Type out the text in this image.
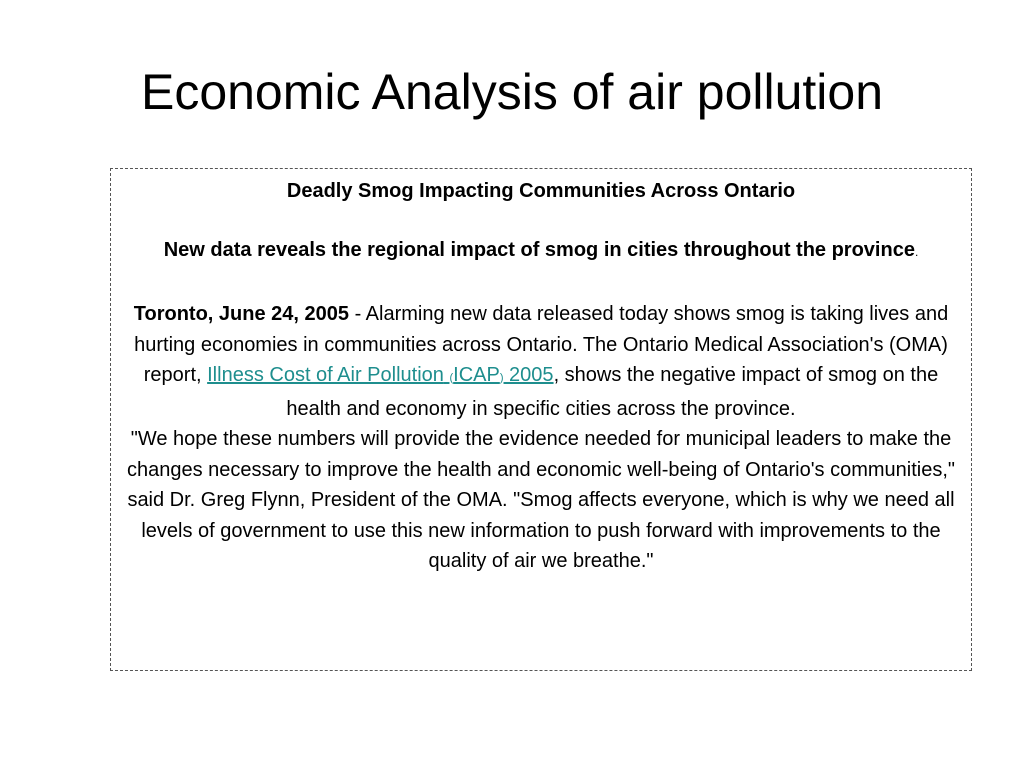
Economic Analysis of air pollution

Deadly Smog Impacting Communities Across Ontario

New data reveals the regional impact of smog in cities throughout the province.

Toronto, June 24, 2005 - Alarming new data released today shows smog is taking lives and hurting economies in communities across Ontario. The Ontario Medical Association's (OMA) report, Illness Cost of Air Pollution (ICAP) 2005, shows the negative impact of smog on the health and economy in specific cities across the province.

"We hope these numbers will provide the evidence needed for municipal leaders to make the changes necessary to improve the health and economic well-being of Ontario's communities," said Dr. Greg Flynn, President of the OMA. "Smog affects everyone, which is why we need all levels of government to use this new information to push forward with improvements to the quality of air we breathe."
